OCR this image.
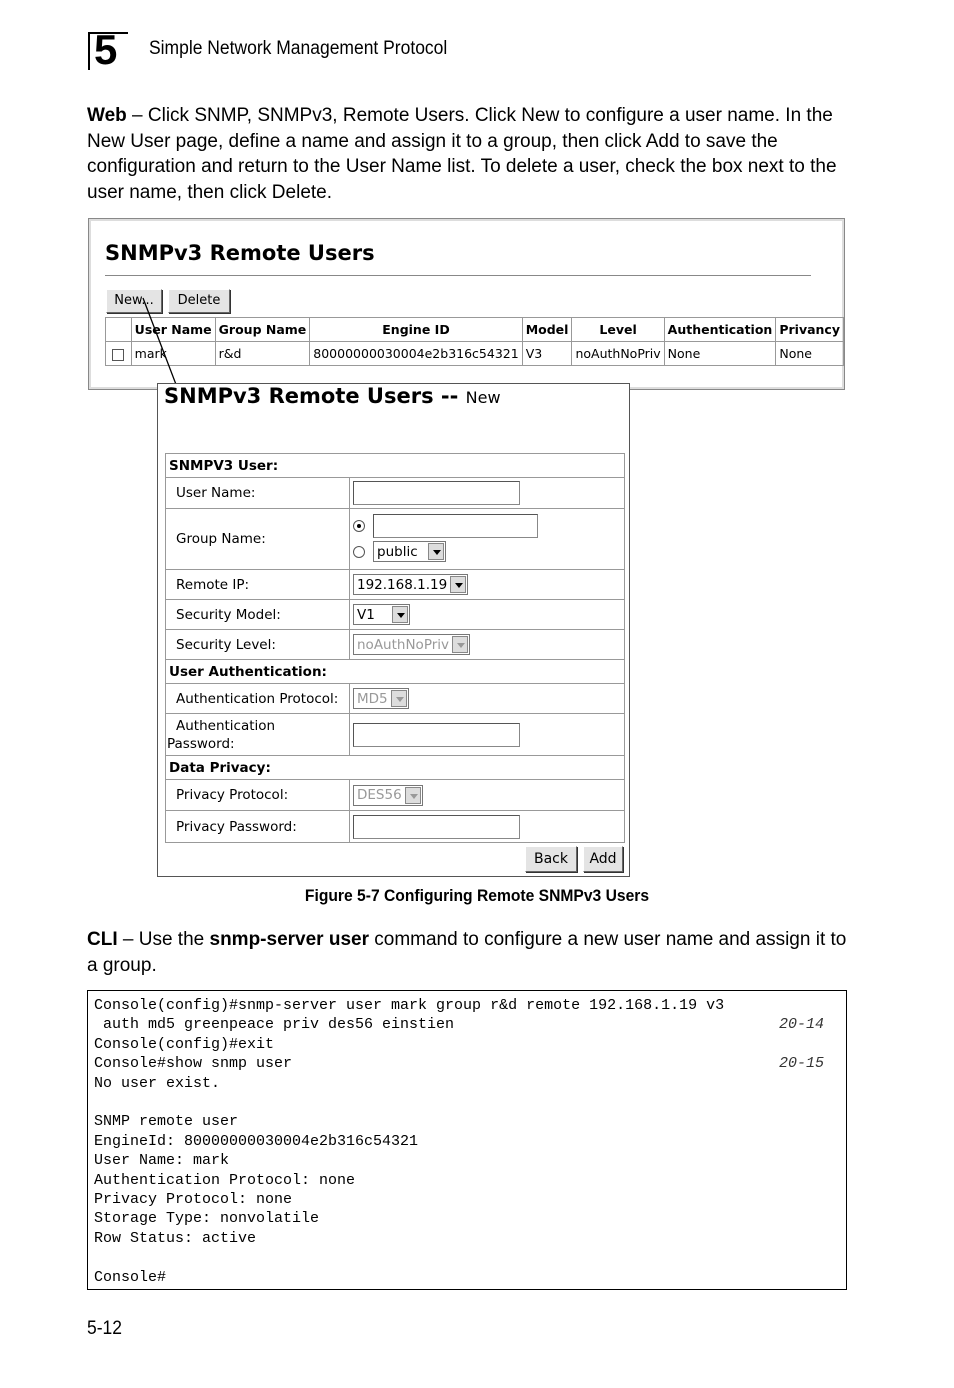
5 Simple Network Management Protocol

Web – Click SNMP, SNMPv3, Remote Users. Click New to configure a user name. In the New User page, define a name and assign it to a group, then click Add to save the configuration and return to the User Name list. To delete a user, check the box next to the user name, then click Delete.

SNMPv3 Remote Users
New...	Delete
	User Name	Group Name	Engine ID	Model	Level	Authentication	Privancy
	mark	r&d	80000000030004e2b316c54321	V3	noAuthNoPriv	None	None
SNMPv3 Remote Users -- New
SNMPV3 User:	
User Name:	
Group Name:	public

Remote IP:	192.168.1.19

Security Model:	V1

Security Level:	noAuthNoPriv

User Authentication:	
Authentication Protocol:	MD5

Authentication
Password:	
Data Privacy:	
Privacy Protocol:	DES56

Privacy Password:	
Back	Add
Figure 5-7 Configuring Remote SNMPv3 Users

CLI – Use the snmp-server user command to configure a new user name and assign it to a group.

Console(config)#snmp-server user mark group r&d remote 192.168.1.19 v3
auth md5 greenpeace priv des56 einstien	20-14
Console(config)#exit
Console#show snmp user	20-15
No user exist.
SNMP remote user
EngineId: 80000000030004e2b316c54321
User Name: mark
Authentication Protocol: none
Privacy Protocol: none
Storage Type: nonvolatile
Row Status: active
Console#
5-12
